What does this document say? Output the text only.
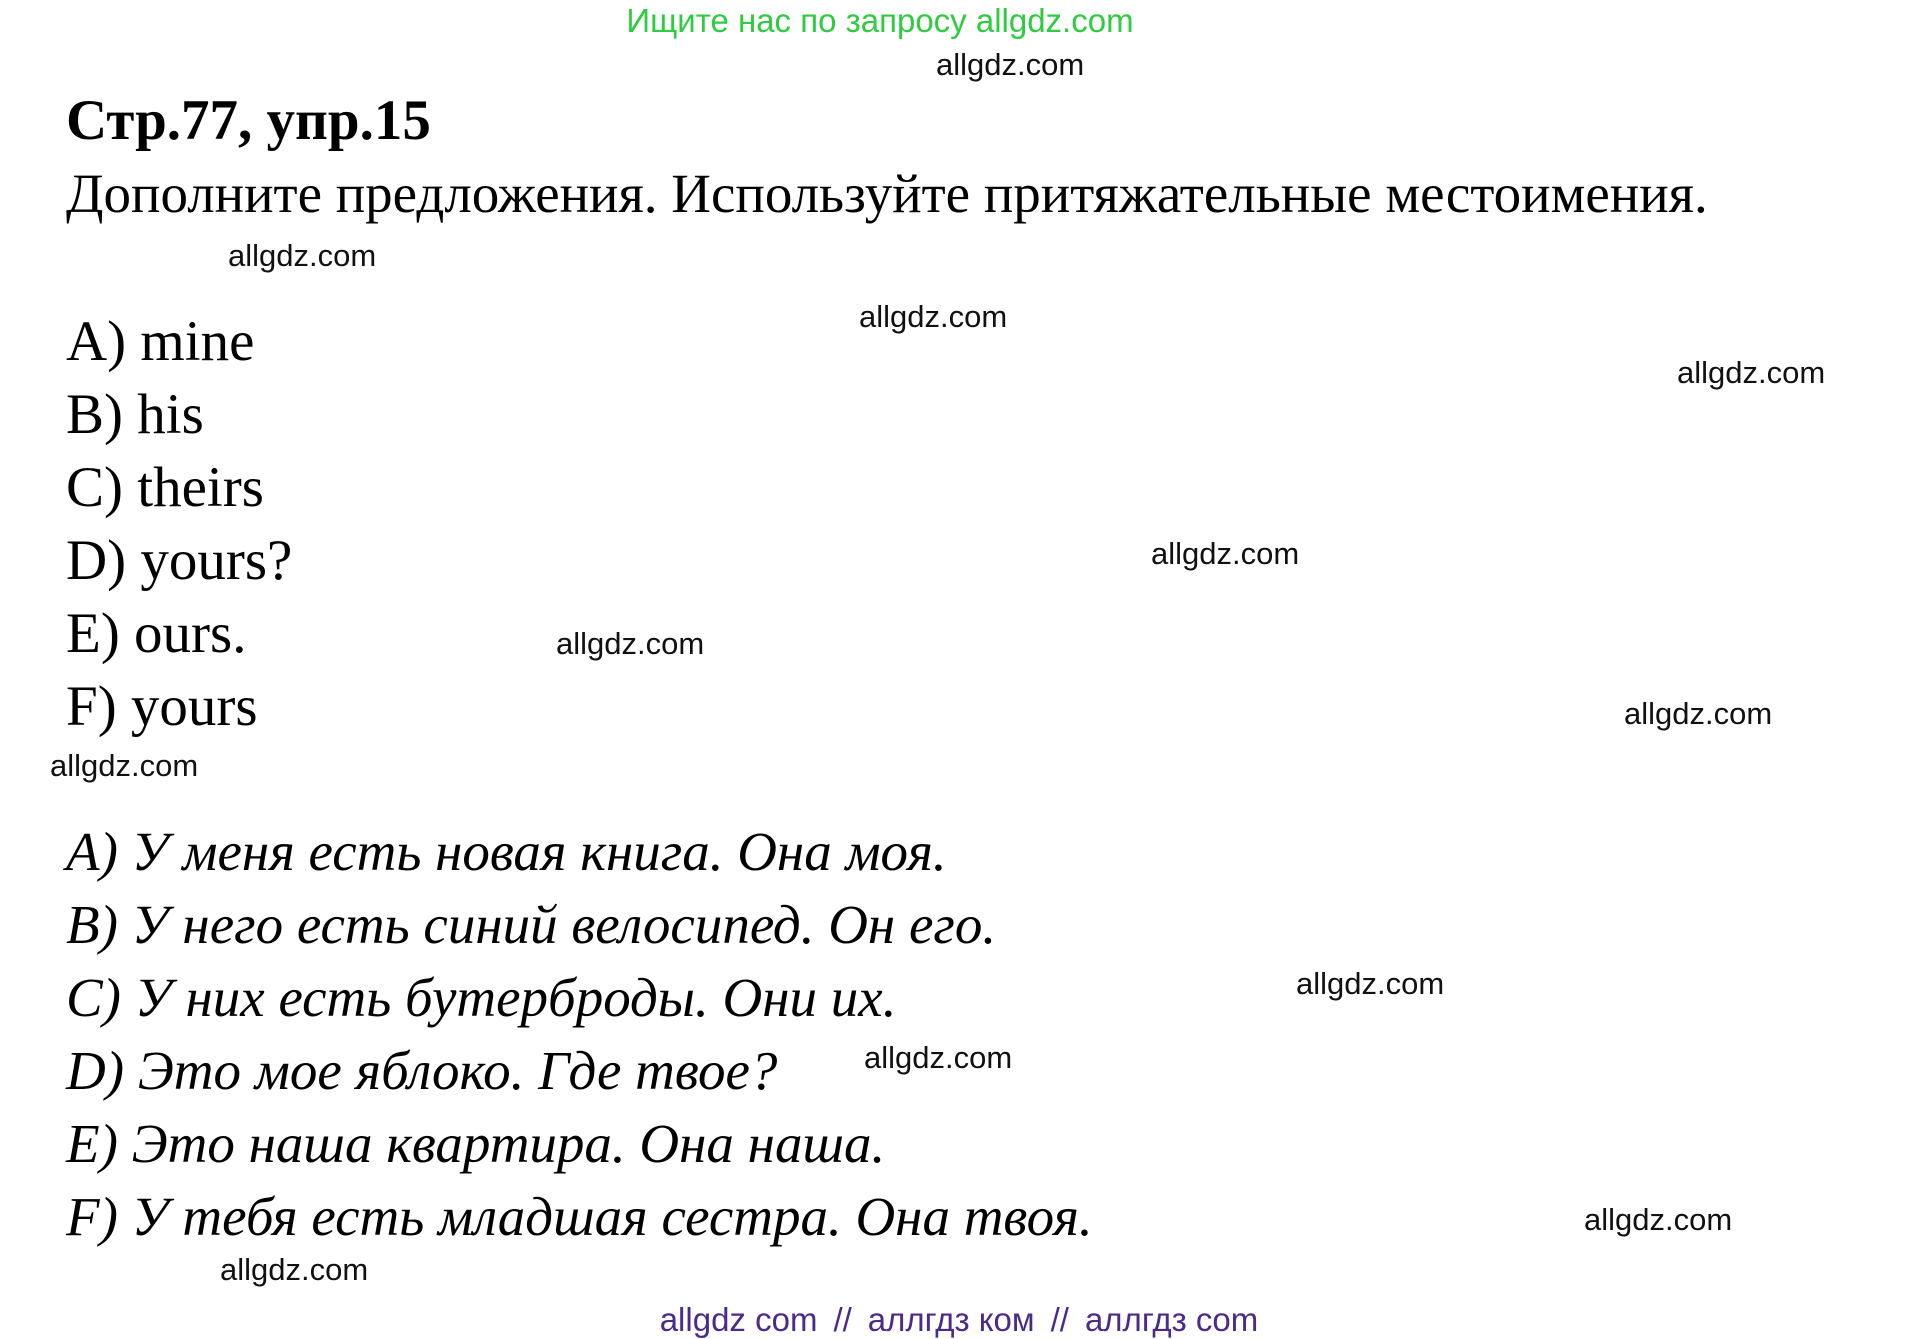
Ищите нас по запросу allgdz.com
allgdz.com
allgdz.com
allgdz.com
allgdz.com
allgdz.com
allgdz.com
allgdz.com
allgdz.com
allgdz.com
allgdz.com
allgdz.com
allgdz.com
Стр.77, упр.15
Дополните предложения. Используйте притяжательные местоимения.
A) mine
B) his
C) theirs
D) yours?
E) ours.
F) yours
A) У меня есть новая книга. Она моя.
B) У него есть синий велосипед. Он его.
C) У них есть бутерброды. Они их.
D) Это мое яблоко. Где твое?
E) Это наша квартира. Она наша.
F) У тебя есть младшая сестра. Она твоя.
allgdz com // аллгдз ком // аллгдз com
